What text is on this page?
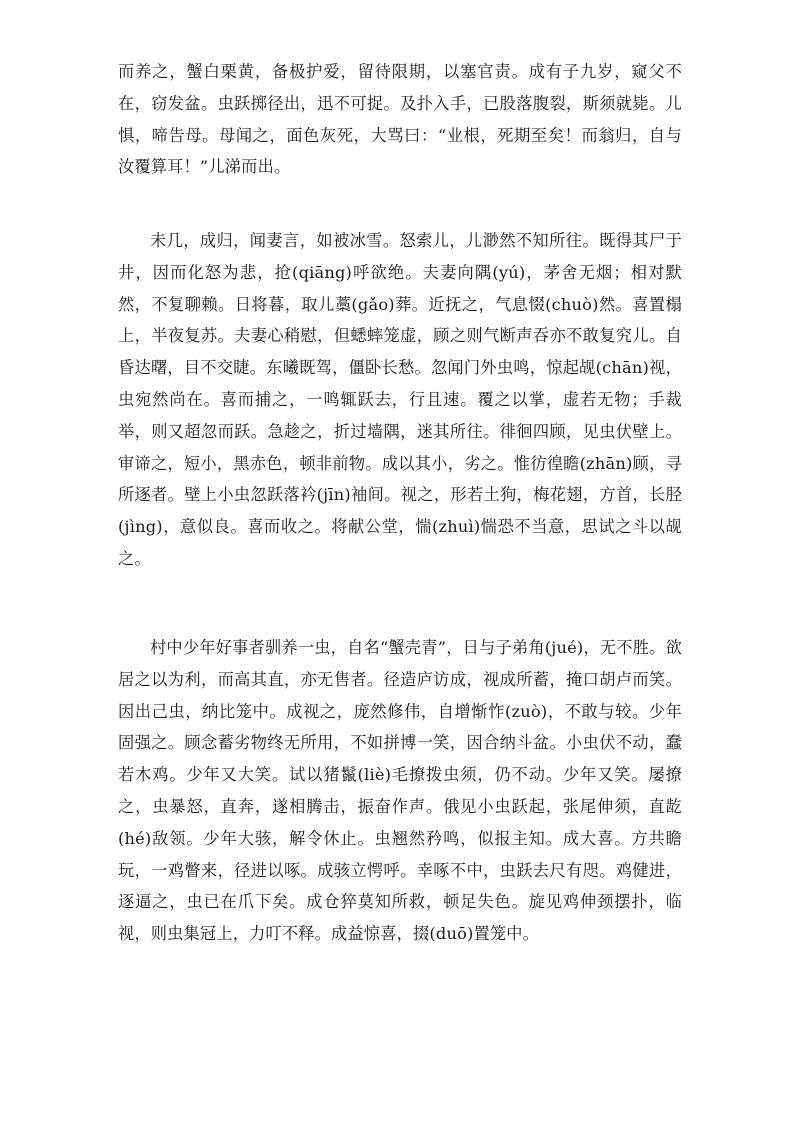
而养之，蟹白栗黄，备极护爱，留待限期，以塞官责。成有子九岁，窥父不在，窃发盆。虫跃掷径出，迅不可捉。及扑入手，已股落腹裂，斯须就毙。儿惧，啼告母。母闻之，面色灰死，大骂曰：“业根，死期至矣！而翁归，自与汝覆算耳！”儿涕而出。

未几，成归，闻妻言，如被冰雪。怒索儿，儿渺然不知所往。既得其尸于井，因而化怒为悲，抢(qiāng)呼欲绝。夫妻向隅(yú)，茅舍无烟；相对默然，不复聊赖。日将暮，取儿藁(gǎo)葬。近抚之，气息惙(chuò)然。喜置榻上，半夜复苏。夫妻心稍慰，但蟋蟀笼虚，顾之则气断声吞亦不敢复究儿。自昏达曙，目不交睫。东曦既驾，僵卧长愁。忽闻门外虫鸣，惊起觇(chān)视，虫宛然尚在。喜而捕之，一鸣辄跃去，行且速。覆之以掌，虚若无物；手裁举，则又超忽而跃。急趁之，折过墙隅，迷其所往。徘徊四顾，见虫伏壁上。审谛之，短小，黑赤色，顿非前物。成以其小，劣之。惟彷徨瞻(zhān)顾，寻所逐者。壁上小虫忽跃落衿(jīn)袖间。视之，形若土狗，梅花翅，方首，长胫(jìng)，意似良。喜而收之。将献公堂，惴(zhuì)惴恐不当意，思试之斗以觇之。

村中少年好事者驯养一虫，自名“蟹壳青”，日与子弟角(jué)，无不胜。欲居之以为利，而高其直，亦无售者。径造庐访成，视成所蓄，掩口胡卢而笑。因出己虫，纳比笼中。成视之，庞然修伟，自增惭怍(zuò)，不敢与较。少年固强之。顾念蓄劣物终无所用，不如拼博一笑，因合纳斗盆。小虫伏不动，蠢若木鸡。少年又大笑。试以猪鬣(liè)毛撩拨虫须，仍不动。少年又笑。屡撩之，虫暴怒，直奔，遂相腾击，振奋作声。俄见小虫跃起，张尾伸须，直龁(hé)敌领。少年大骇，解令休止。虫翘然矜鸣，似报主知。成大喜。方共瞻玩，一鸡瞥来，径进以啄。成骇立愕呼。幸啄不中，虫跃去尺有咫。鸡健进，逐逼之，虫已在爪下矣。成仓猝莫知所救，顿足失色。旋见鸡伸颈摆扑，临视，则虫集冠上，力叮不释。成益惊喜，掇(duō)置笼中。
